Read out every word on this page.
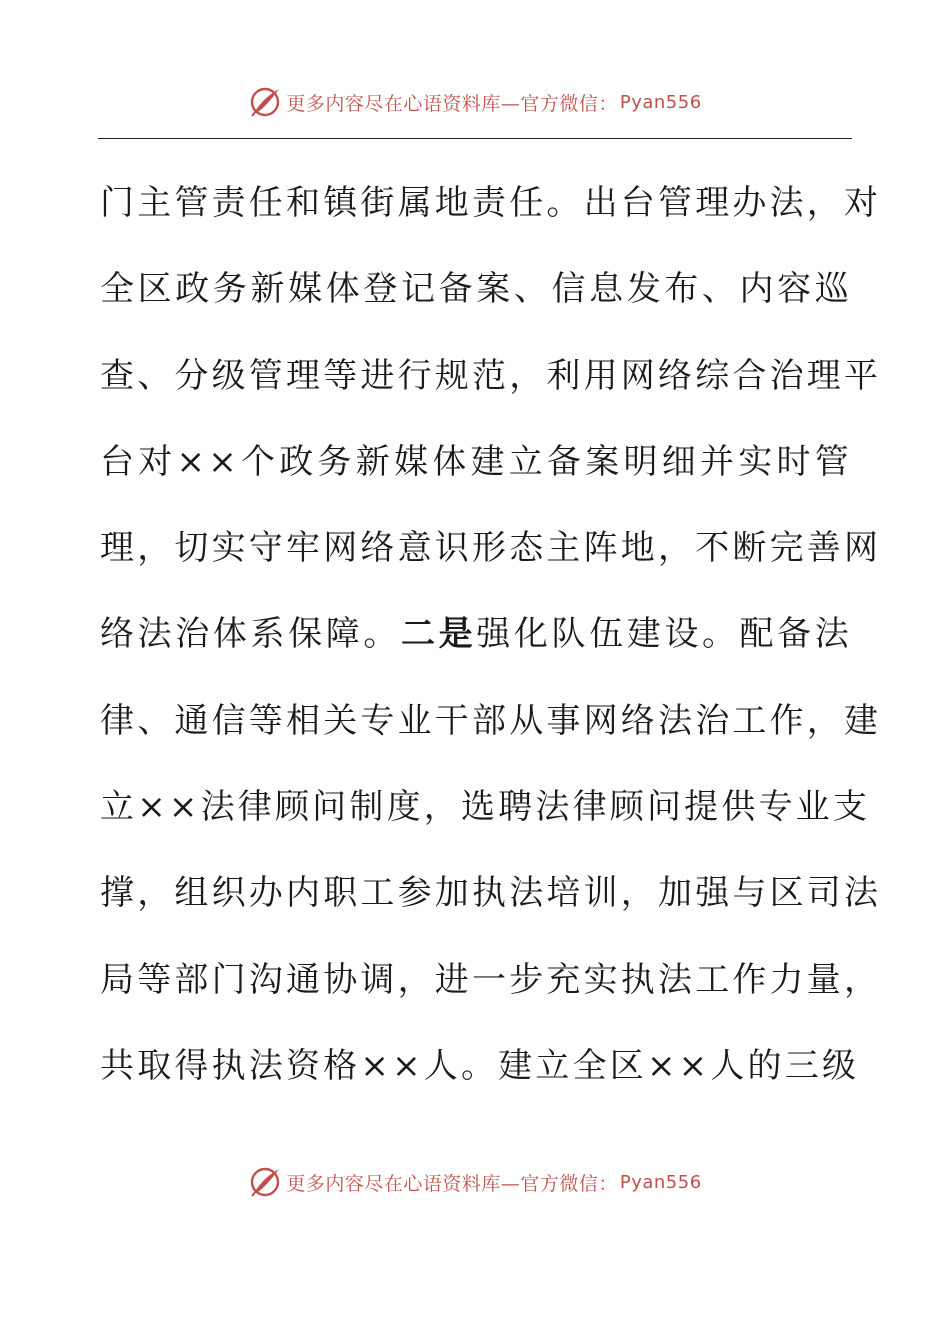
更多内容尽在心语资料库—官方微信： Pyan556
门主管责任和镇街属地责任。出台管理办法，对
全区政务新媒体登记备案、信息发布、内容巡
查、分级管理等进行规范，利用网络综合治理平
台对××个政务新媒体建立备案明细并实时管
理，切实守牢网络意识形态主阵地，不断完善网
络法治体系保障。二是强化队伍建设。配备法
律、通信等相关专业干部从事网络法治工作，建
立××法律顾问制度，选聘法律顾问提供专业支
撑，组织办内职工参加执法培训，加强与区司法
局等部门沟通协调，进一步充实执法工作力量，
共取得执法资格××人。建立全区××人的三级
更多内容尽在心语资料库—官方微信： Pyan556
